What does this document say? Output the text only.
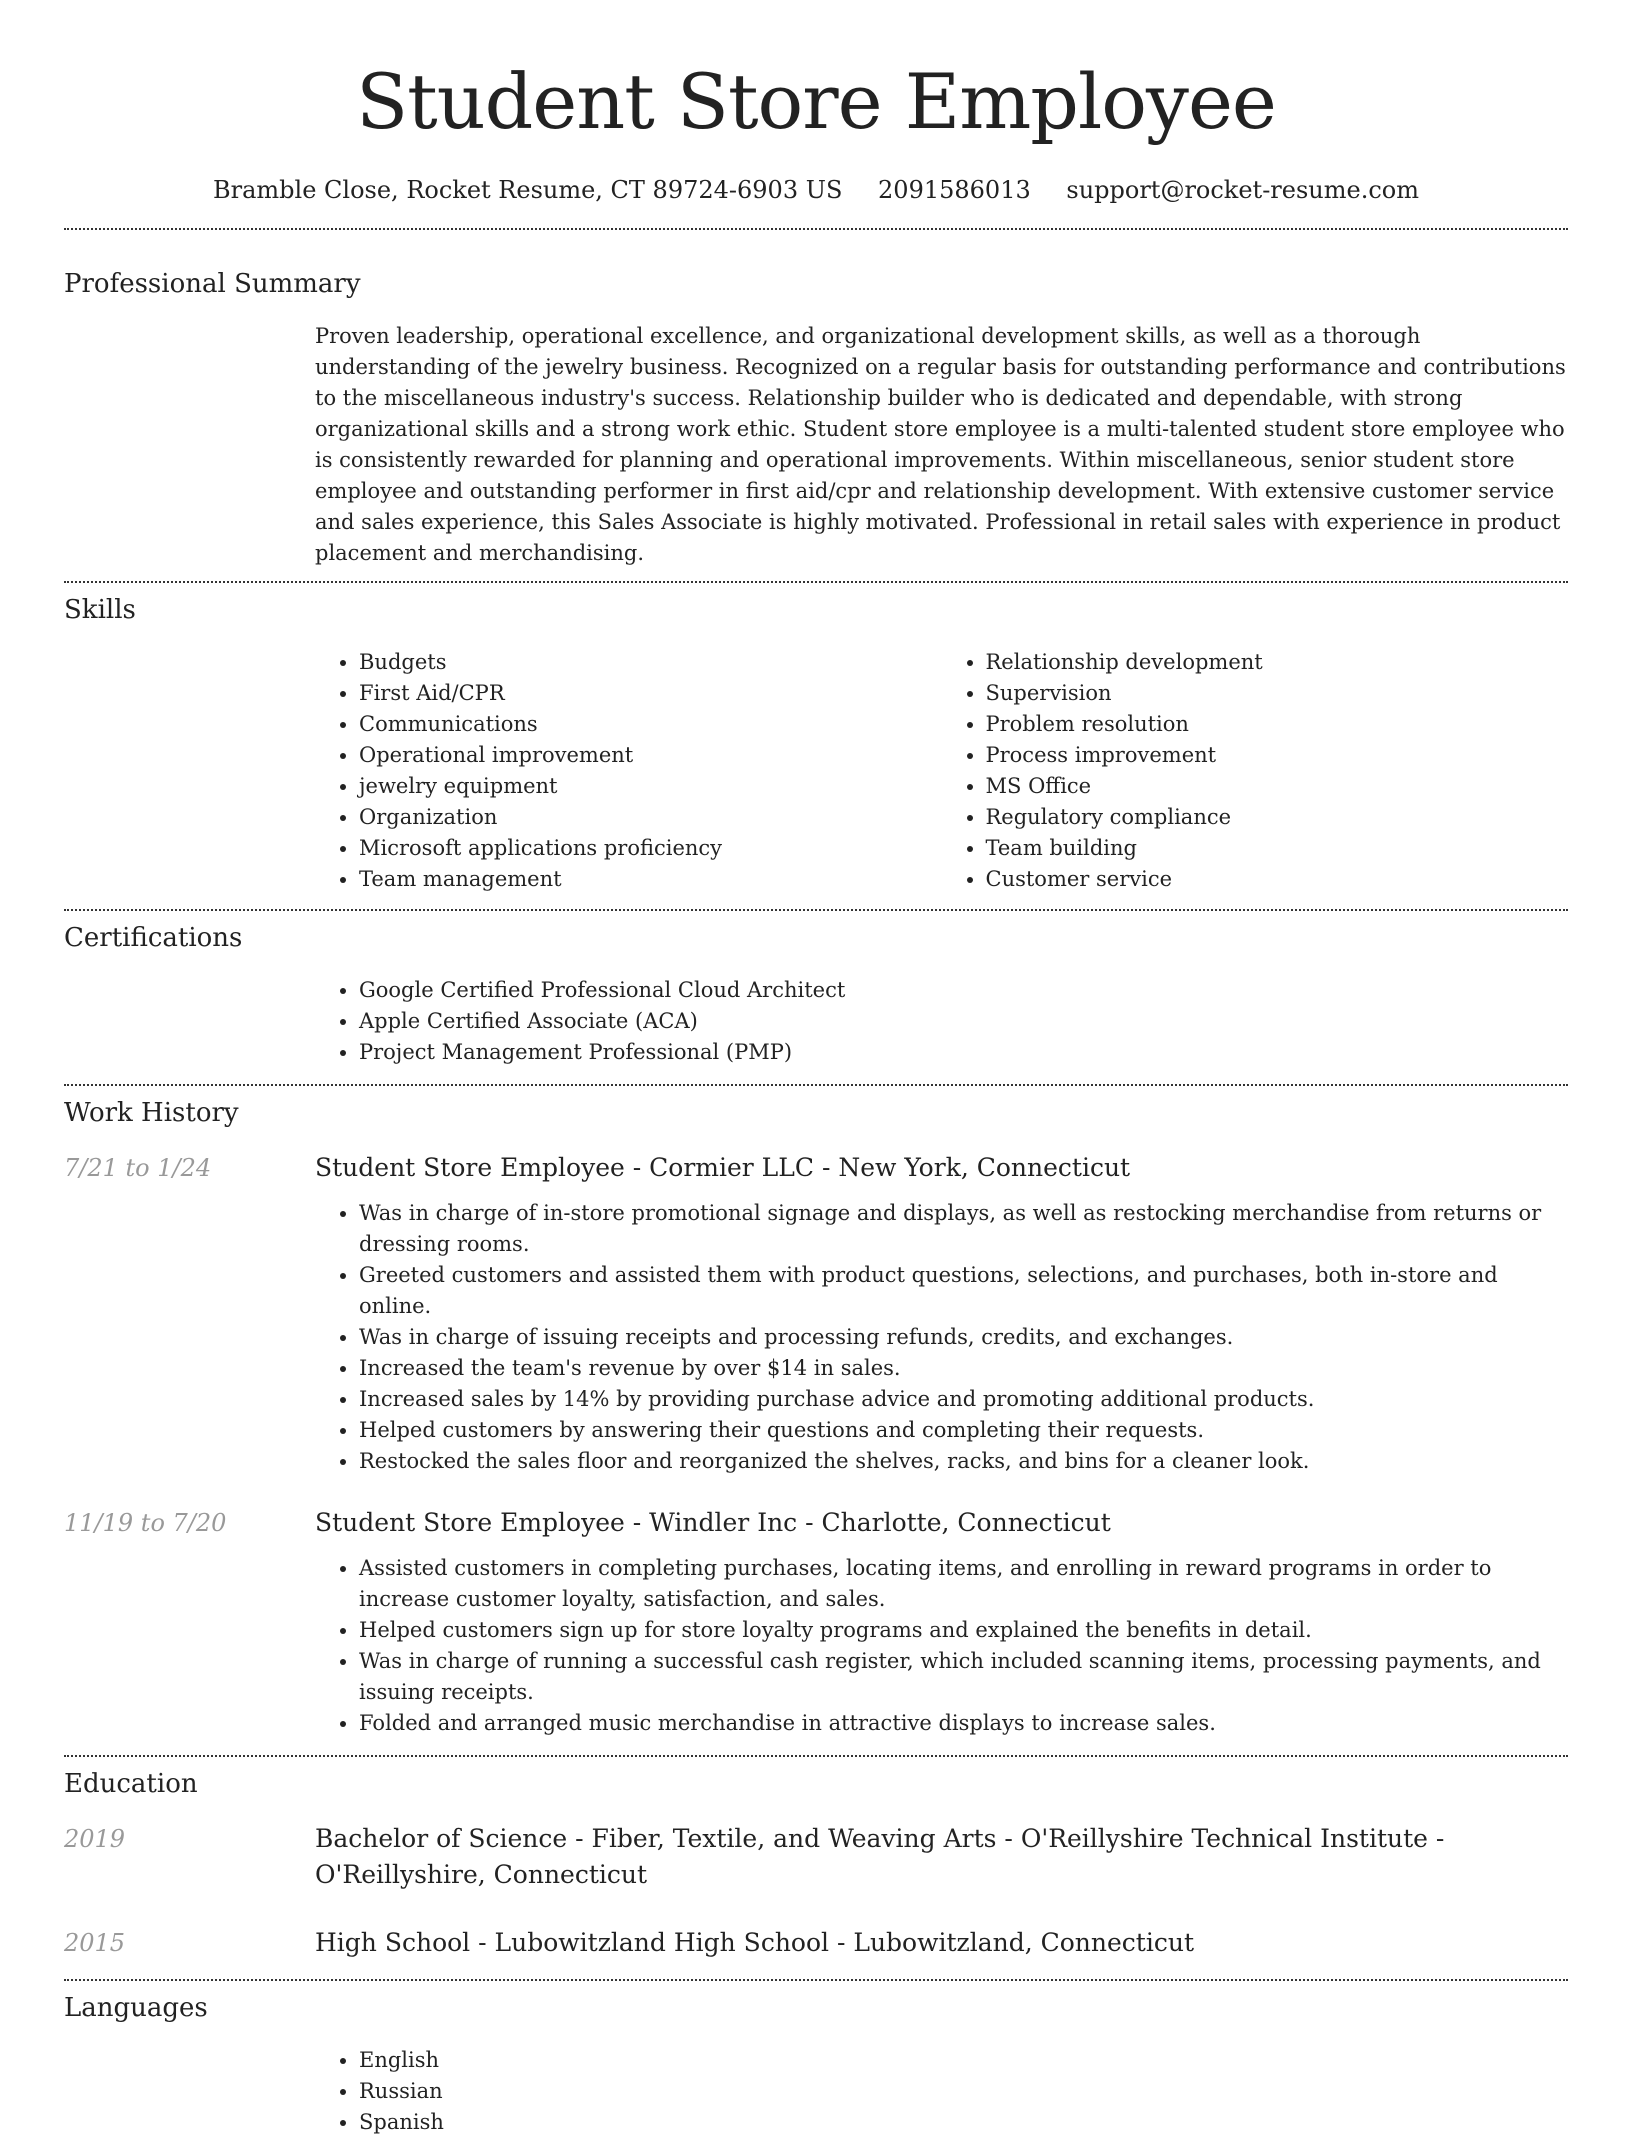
Student Store Employee
Bramble Close, Rocket Resume, CT 89724-6903 US 2091586013 support@rocket-resume.com
Professional Summary

Proven leadership, operational excellence, and organizational development skills, as well as a thorough understanding of the jewelry business. Recognized on a regular basis for outstanding performance and contributions to the miscellaneous industry's success. Relationship builder who is dedicated and dependable, with strong organizational skills and a strong work ethic. Student store employee is a multi-talented student store employee who is consistently rewarded for planning and operational improvements. Within miscellaneous, senior student store employee and outstanding performer in first aid/cpr and relationship development. With extensive customer service and sales experience, this Sales Associate is highly motivated. Professional in retail sales with experience in product placement and merchandising.

Skills
• Budgets
• First Aid/CPR
• Communications
• Operational improvement
• jewelry equipment
• Organization
• Microsoft applications proficiency
• Team management
• Relationship development
• Supervision
• Problem resolution
• Process improvement
• MS Office
• Regulatory compliance
• Team building
• Customer service
Certifications
• Google Certified Professional Cloud Architect
• Apple Certified Associate (ACA)
• Project Management Professional (PMP)
Work History
7/21 to 1/24	Student Store Employee - Cormier LLC - New York, Connecticut
• Was in charge of in-store promotional signage and displays, as well as restocking merchandise from returns or dressing rooms.
• Greeted customers and assisted them with product questions, selections, and purchases, both in-store and online.
• Was in charge of issuing receipts and processing refunds, credits, and exchanges.
• Increased the team's revenue by over $14 in sales.
• Increased sales by 14% by providing purchase advice and promoting additional products.
• Helped customers by answering their questions and completing their requests.
• Restocked the sales floor and reorganized the shelves, racks, and bins for a cleaner look.
11/19 to 7/20	Student Store Employee - Windler Inc - Charlotte, Connecticut
• Assisted customers in completing purchases, locating items, and enrolling in reward programs in order to increase customer loyalty, satisfaction, and sales.
• Helped customers sign up for store loyalty programs and explained the benefits in detail.
• Was in charge of running a successful cash register, which included scanning items, processing payments, and issuing receipts.
• Folded and arranged music merchandise in attractive displays to increase sales.
Education
2019	Bachelor of Science - Fiber, Textile, and Weaving Arts - O'Reillyshire Technical Institute - O'Reillyshire, Connecticut
2015	High School - Lubowitzland High School - Lubowitzland, Connecticut
Languages
• English
• Russian
• Spanish
